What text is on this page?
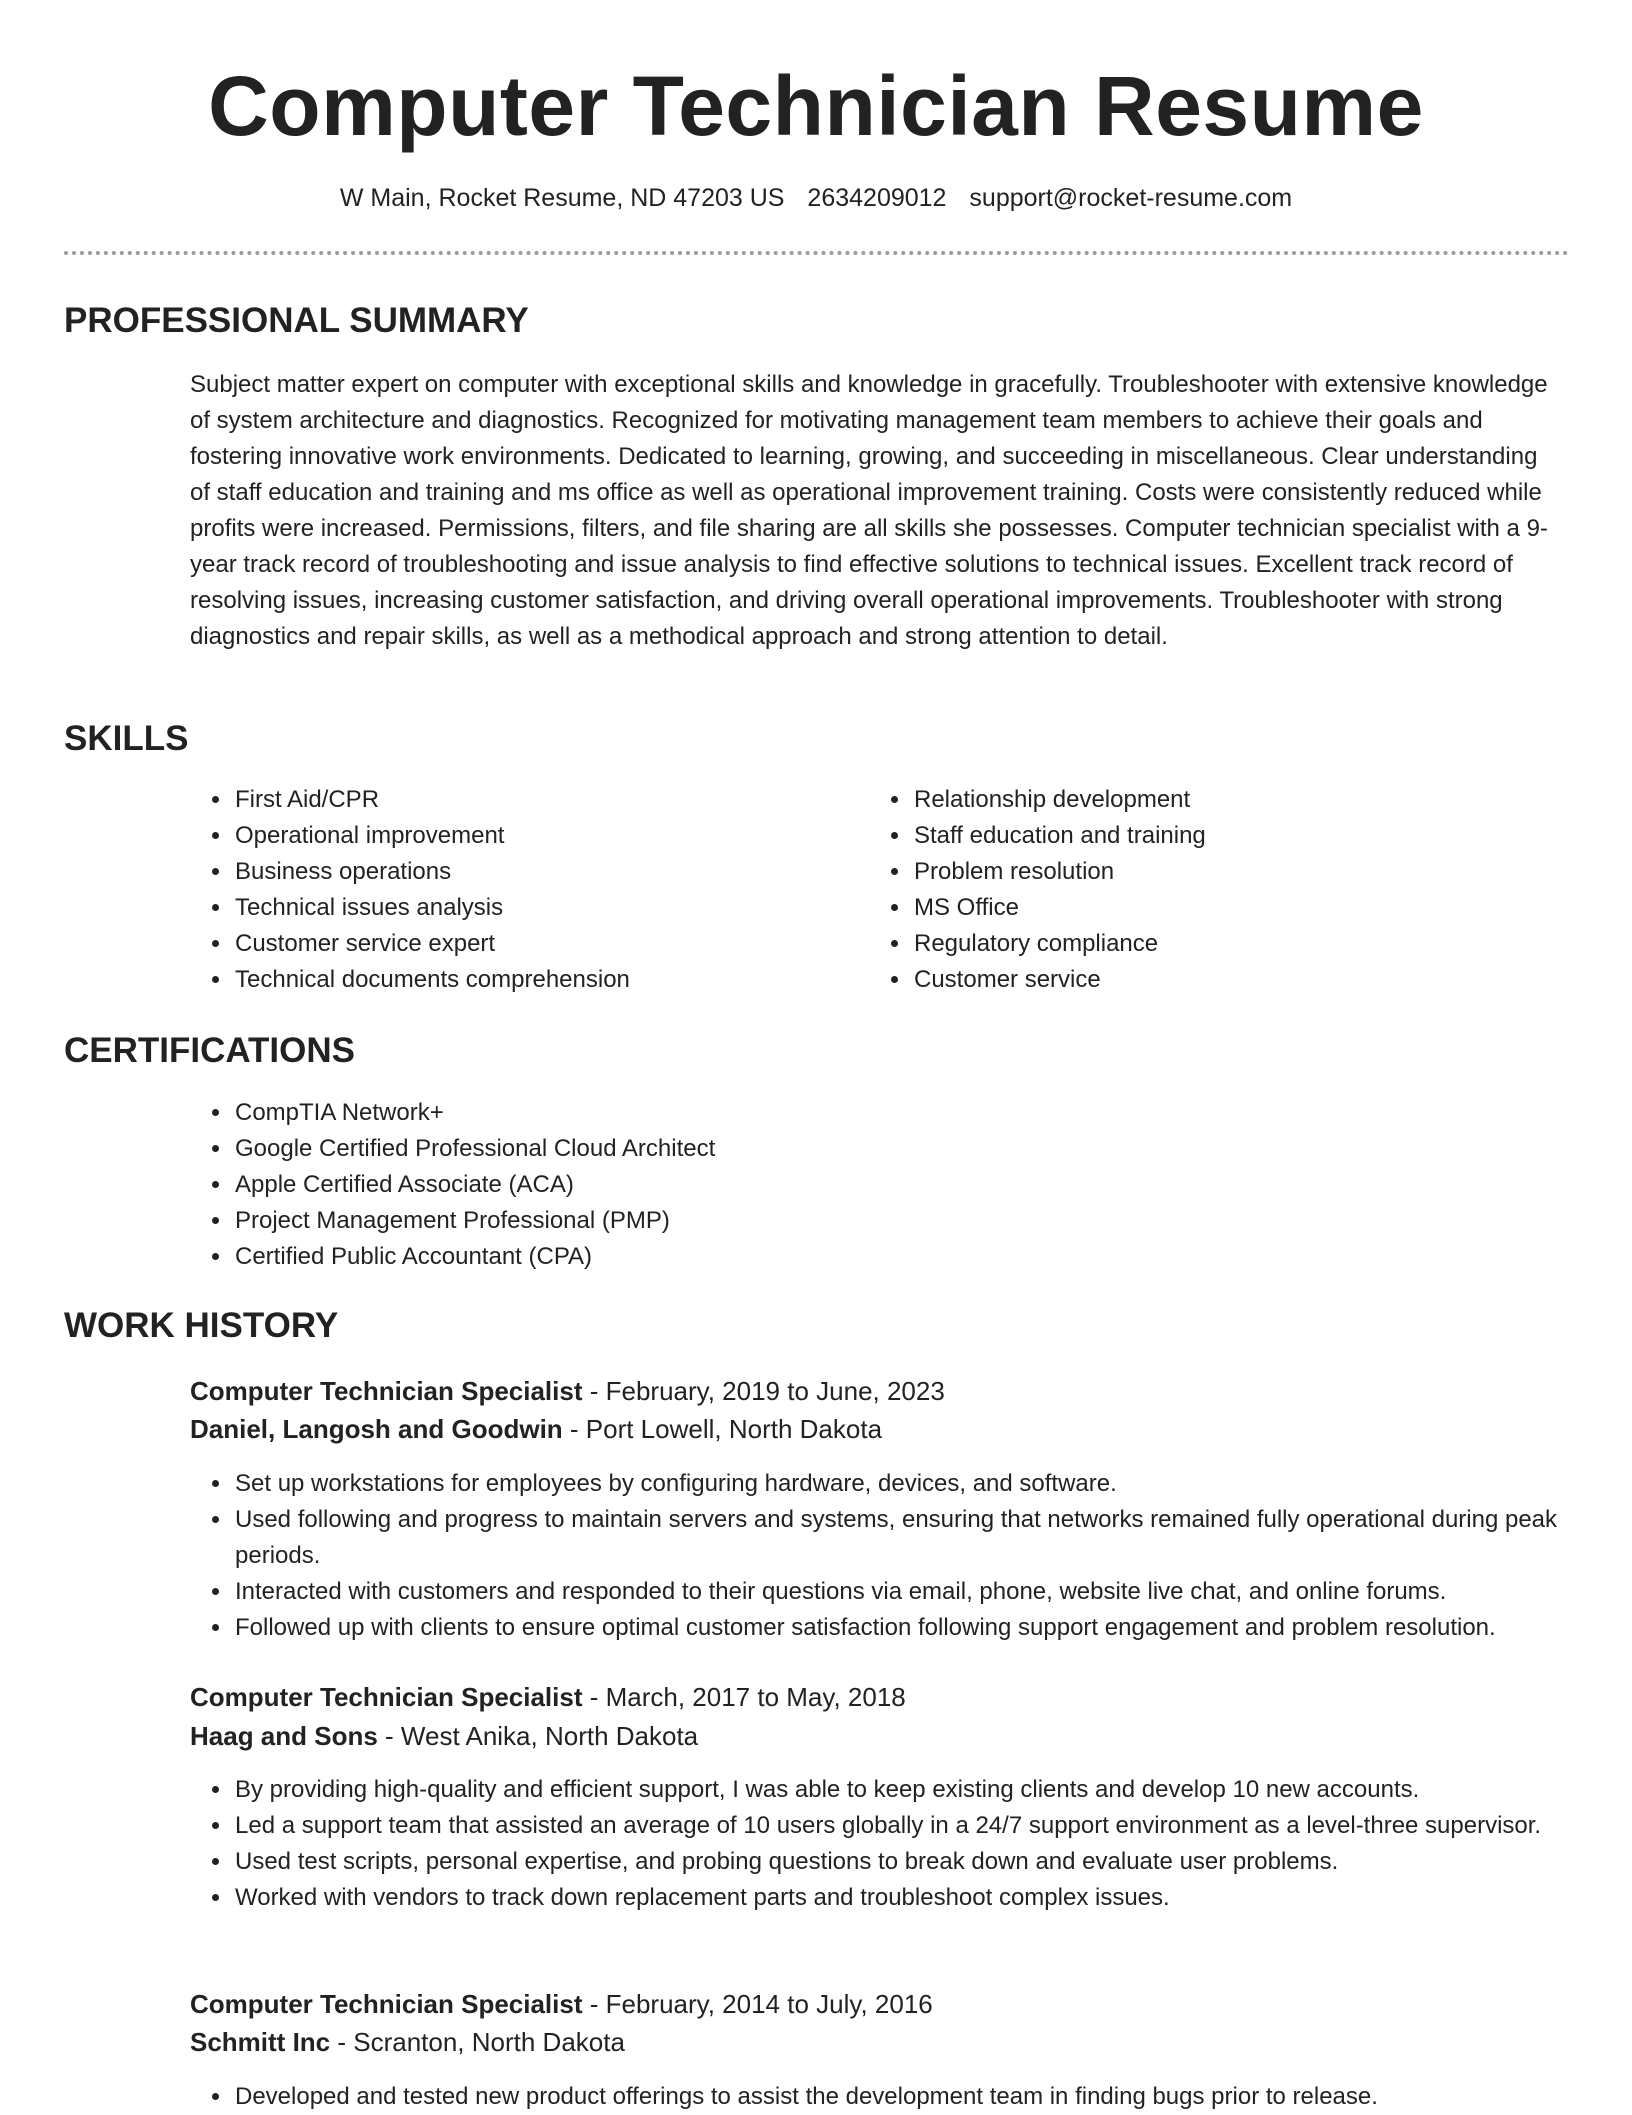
Computer Technician Resume
W Main, Rocket Resume, ND 47203 US 2634209012 support@rocket-resume.com
PROFESSIONAL SUMMARY

Subject matter expert on computer with exceptional skills and knowledge in gracefully. Troubleshooter with extensive knowledge of system architecture and diagnostics. Recognized for motivating management team members to achieve their goals and fostering innovative work environments. Dedicated to learning, growing, and succeeding in miscellaneous. Clear understanding of staff education and training and ms office as well as operational improvement training. Costs were consistently reduced while profits were increased. Permissions, filters, and file sharing are all skills she possesses. Computer technician specialist with a 9-year track record of troubleshooting and issue analysis to find effective solutions to technical issues. Excellent track record of resolving issues, increasing customer satisfaction, and driving overall operational improvements. Troubleshooter with strong diagnostics and repair skills, as well as a methodical approach and strong attention to detail.

SKILLS
• First Aid/CPR
• Operational improvement
• Business operations
• Technical issues analysis
• Customer service expert
• Technical documents comprehension
• Relationship development
• Staff education and training
• Problem resolution
• MS Office
• Regulatory compliance
• Customer service
CERTIFICATIONS
• CompTIA Network+
• Google Certified Professional Cloud Architect
• Apple Certified Associate (ACA)
• Project Management Professional (PMP)
• Certified Public Accountant (CPA)
WORK HISTORY
Computer Technician Specialist - February, 2019 to June, 2023
Daniel, Langosh and Goodwin - Port Lowell, North Dakota
• Set up workstations for employees by configuring hardware, devices, and software.
• Used following and progress to maintain servers and systems, ensuring that networks remained fully operational during peak periods.
• Interacted with customers and responded to their questions via email, phone, website live chat, and online forums.
• Followed up with clients to ensure optimal customer satisfaction following support engagement and problem resolution.
Computer Technician Specialist - March, 2017 to May, 2018
Haag and Sons - West Anika, North Dakota
• By providing high-quality and efficient support, I was able to keep existing clients and develop 10 new accounts.
• Led a support team that assisted an average of 10 users globally in a 24/7 support environment as a level-three supervisor.
• Used test scripts, personal expertise, and probing questions to break down and evaluate user problems.
• Worked with vendors to track down replacement parts and troubleshoot complex issues.
Computer Technician Specialist - February, 2014 to July, 2016
Schmitt Inc - Scranton, North Dakota
• Developed and tested new product offerings to assist the development team in finding bugs prior to release.
